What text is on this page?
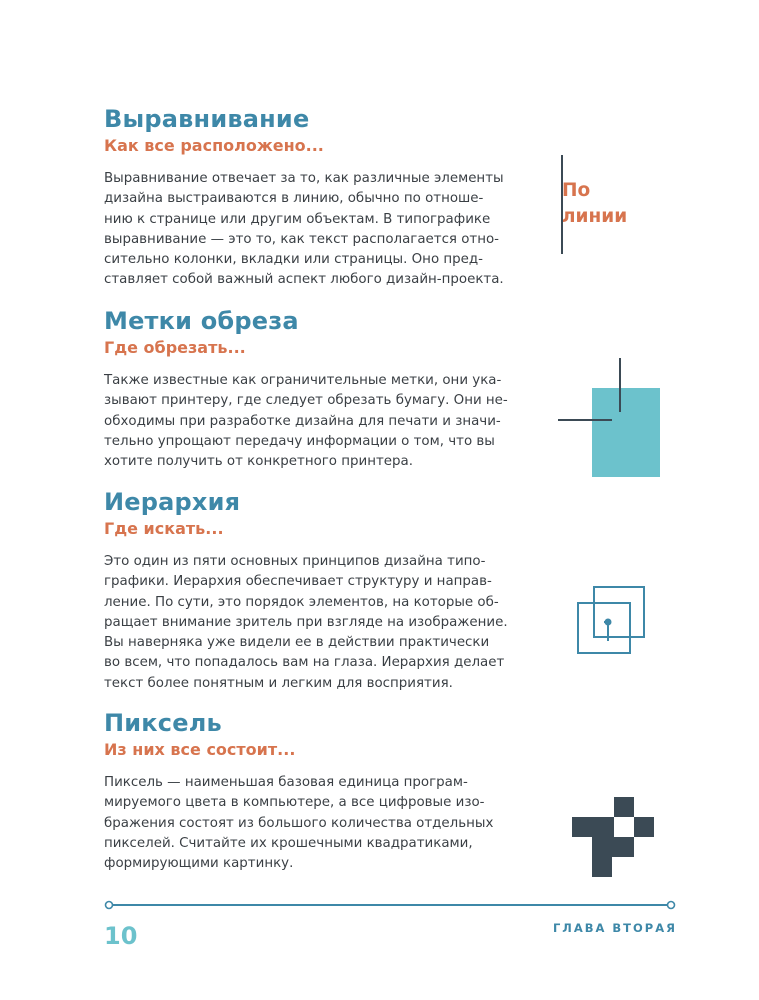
Выравнивание
Как все расположено...
Выравнивание отвечает за то, как различные элементы
дизайна выстраиваются в линию, обычно по отноше-
нию к странице или другим объектам. В типографике
выравнивание — это то, как текст располагается отно-
сительно колонки, вкладки или страницы. Оно пред-
ставляет собой важный аспект любого дизайн-проекта.
Метки обреза
Где обрезать...
Также известные как ограничительные метки, они ука-
зывают принтеру, где следует обрезать бумагу. Они не-
обходимы при разработке дизайна для печати и значи-
тельно упрощают передачу информации о том, что вы
хотите получить от конкретного принтера.
Иерархия
Где искать...
Это один из пяти основных принципов дизайна типо-
графики. Иерархия обеспечивает структуру и направ-
ление. По сути, это порядок элементов, на которые об-
ращает внимание зритель при взгляде на изображение.
Вы наверняка уже видели ее в действии практически
во всем, что попадалось вам на глаза. Иерархия делает
текст более понятным и легким для восприятия.
Пиксель
Из них все состоит...
Пиксель — наименьшая базовая единица програм-
мируемого цвета в компьютере, а все цифровые изо-
бражения состоят из большого количества отдельных
пикселей. Считайте их крошечными квадратиками,
формирующими картинку.
По
линии
10	ГЛАВА ВТОРАЯ
